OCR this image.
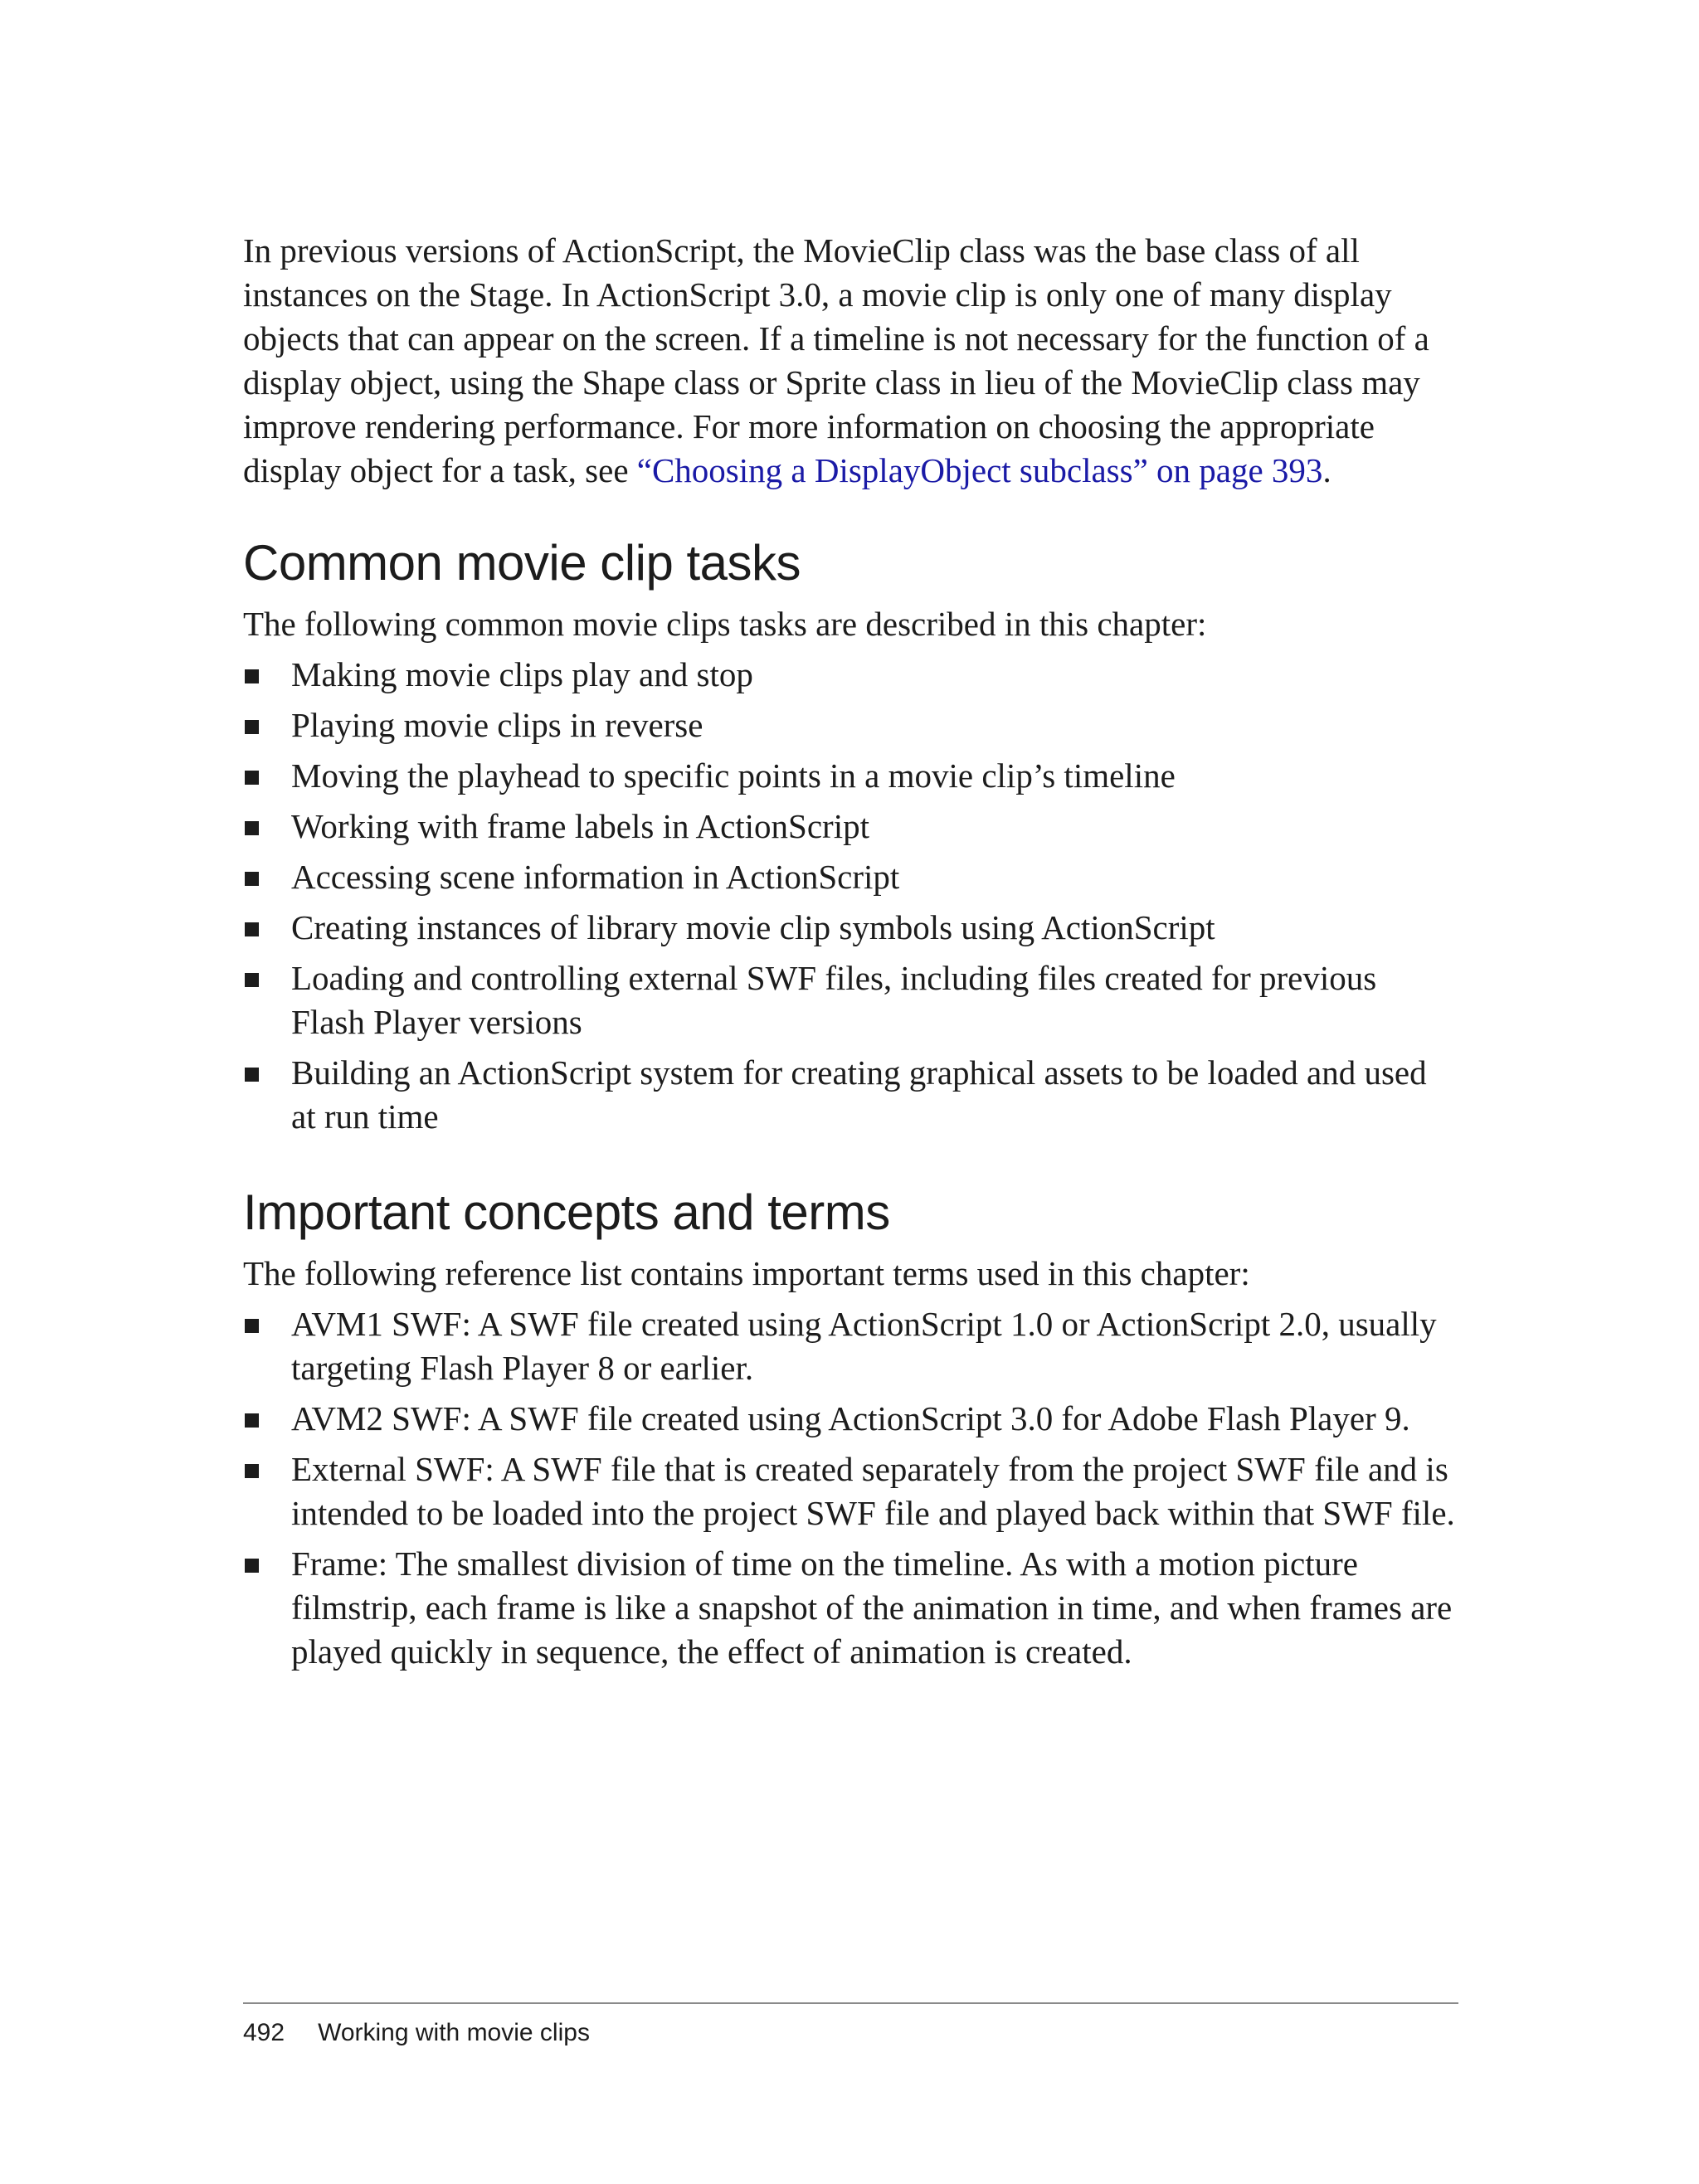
In previous versions of ActionScript, the MovieClip class was the base class of all instances on the Stage. In ActionScript 3.0, a movie clip is only one of many display objects that can appear on the screen. If a timeline is not necessary for the function of a display object, using the Shape class or Sprite class in lieu of the MovieClip class may improve rendering performance. For more information on choosing the appropriate display object for a task, see “Choosing a DisplayObject subclass” on page 393.

Common movie clip tasks

The following common movie clips tasks are described in this chapter:

Making movie clips play and stop
Playing movie clips in reverse
Moving the playhead to specific points in a movie clip’s timeline
Working with frame labels in ActionScript
Accessing scene information in ActionScript
Creating instances of library movie clip symbols using ActionScript
Loading and controlling external SWF files, including files created for previous Flash Player versions
Building an ActionScript system for creating graphical assets to be loaded and used at run time
Important concepts and terms

The following reference list contains important terms used in this chapter:

AVM1 SWF: A SWF file created using ActionScript 1.0 or ActionScript 2.0, usually targeting Flash Player 8 or earlier.
AVM2 SWF: A SWF file created using ActionScript 3.0 for Adobe Flash Player 9.
External SWF: A SWF file that is created separately from the project SWF file and is intended to be loaded into the project SWF file and played back within that SWF file.
Frame: The smallest division of time on the timeline. As with a motion picture filmstrip, each frame is like a snapshot of the animation in time, and when frames are played quickly in sequence, the effect of animation is created.
492 Working with movie clips
